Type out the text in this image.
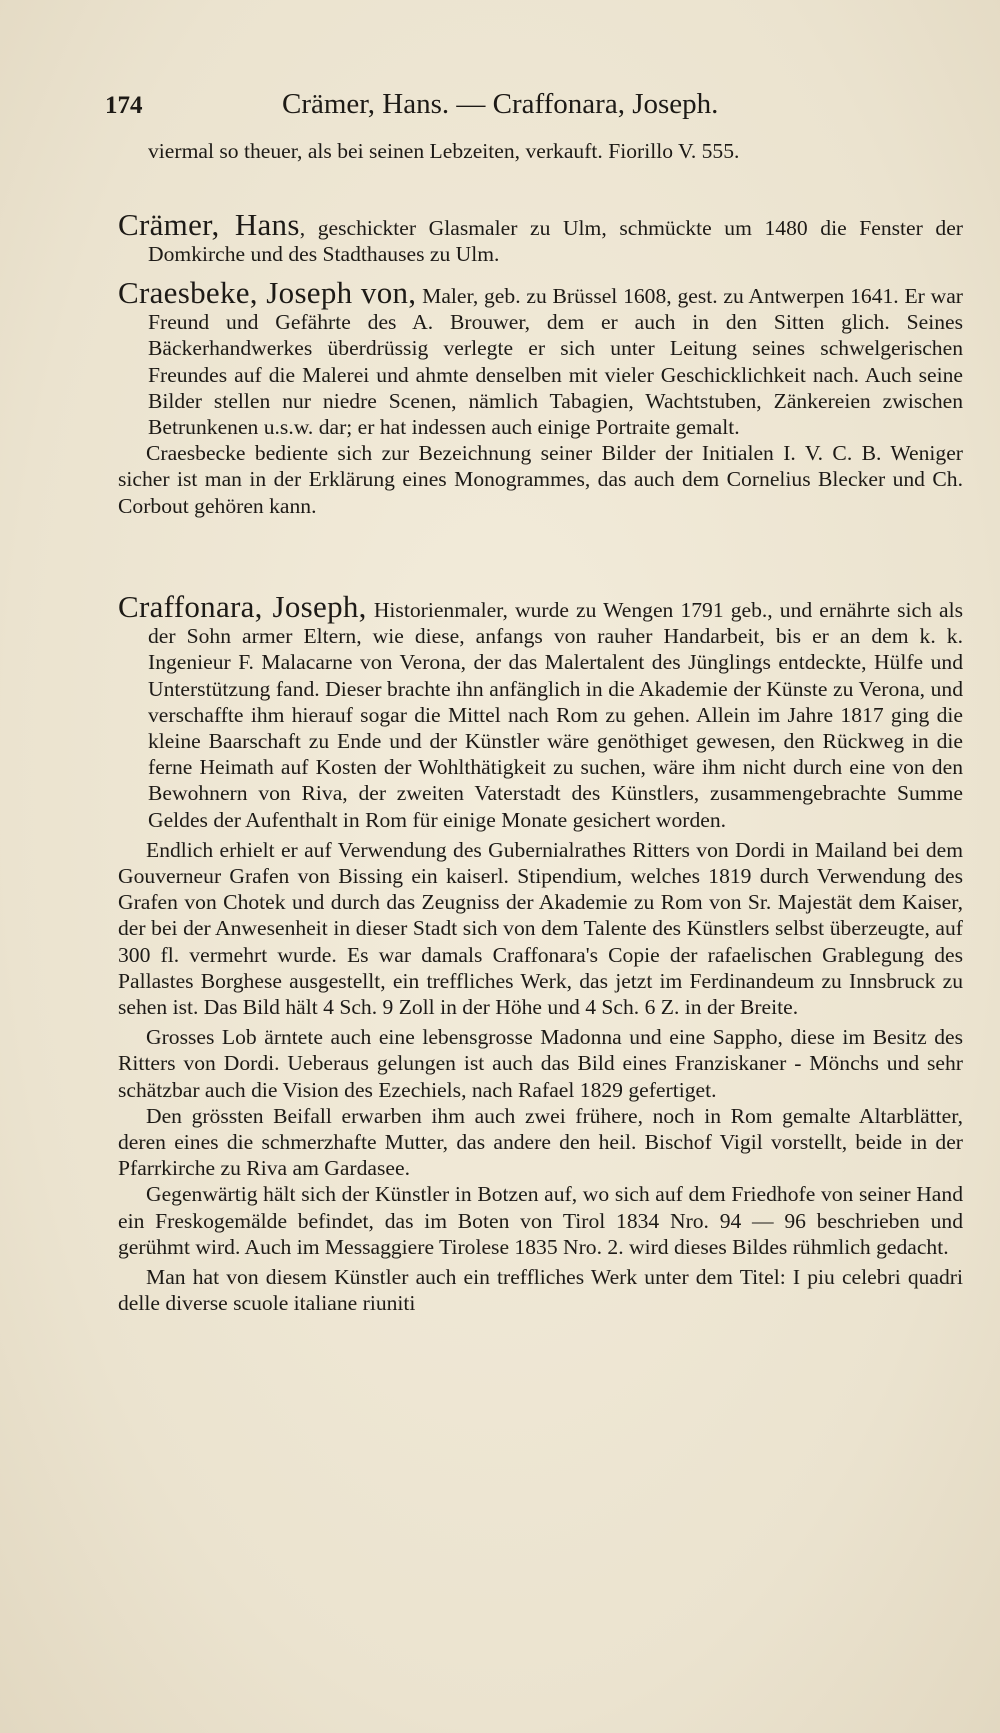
174	Crämer, Hans. — Craffonara, Joseph.

viermal so theuer, als bei seinen Lebzeiten, verkauft. Fiorillo V. 555.

Crämer, Hans, geschickter Glasmaler zu Ulm, schmückte um 1480 die Fenster der Domkirche und des Stadthauses zu Ulm.

Craesbeke, Joseph von, Maler, geb. zu Brüssel 1608, gest. zu Antwerpen 1641. Er war Freund und Gefährte des A. Brouwer, dem er auch in den Sitten glich. Seines Bäckerhandwerkes überdrüssig verlegte er sich unter Leitung seines schwelgerischen Freundes auf die Malerei und ahmte denselben mit vieler Geschicklichkeit nach. Auch seine Bilder stellen nur niedre Scenen, nämlich Tabagien, Wachtstuben, Zänkereien zwischen Betrunkenen u.s.w. dar; er hat indessen auch einige Portraite gemalt.

Craesbecke bediente sich zur Bezeichnung seiner Bilder der Initialen I. V. C. B. Weniger sicher ist man in der Erklärung eines Monogrammes, das auch dem Cornelius Blecker und Ch. Corbout gehören kann.

Craffonara, Joseph, Historienmaler, wurde zu Wengen 1791 geb., und ernährte sich als der Sohn armer Eltern, wie diese, anfangs von rauher Handarbeit, bis er an dem k. k. Ingenieur F. Malacarne von Verona, der das Malertalent des Jünglings entdeckte, Hülfe und Unterstützung fand. Dieser brachte ihn anfänglich in die Akademie der Künste zu Verona, und verschaffte ihm hierauf sogar die Mittel nach Rom zu gehen. Allein im Jahre 1817 ging die kleine Baarschaft zu Ende und der Künstler wäre genöthiget gewesen, den Rückweg in die ferne Heimath auf Kosten der Wohlthätigkeit zu suchen, wäre ihm nicht durch eine von den Bewohnern von Riva, der zweiten Vaterstadt des Künstlers, zusammengebrachte Summe Geldes der Aufenthalt in Rom für einige Monate gesichert worden.

Endlich erhielt er auf Verwendung des Gubernialrathes Ritters von Dordi in Mailand bei dem Gouverneur Grafen von Bissing ein kaiserl. Stipendium, welches 1819 durch Verwendung des Grafen von Chotek und durch das Zeugniss der Akademie zu Rom von Sr. Majestät dem Kaiser, der bei der Anwesenheit in dieser Stadt sich von dem Talente des Künstlers selbst überzeugte, auf 300 fl. vermehrt wurde. Es war damals Craffonara's Copie der rafaelischen Grablegung des Pallastes Borghese ausgestellt, ein treffliches Werk, das jetzt im Ferdinandeum zu Innsbruck zu sehen ist. Das Bild hält 4 Sch. 9 Zoll in der Höhe und 4 Sch. 6 Z. in der Breite.

Grosses Lob ärntete auch eine lebensgrosse Madonna und eine Sappho, diese im Besitz des Ritters von Dordi. Ueberaus gelungen ist auch das Bild eines Franziskaner - Mönchs und sehr schätzbar auch die Vision des Ezechiels, nach Rafael 1829 gefertiget.

Den grössten Beifall erwarben ihm auch zwei frühere, noch in Rom gemalte Altarblätter, deren eines die schmerzhafte Mutter, das andere den heil. Bischof Vigil vorstellt, beide in der Pfarrkirche zu Riva am Gardasee.

Gegenwärtig hält sich der Künstler in Botzen auf, wo sich auf dem Friedhofe von seiner Hand ein Freskogemälde befindet, das im Boten von Tirol 1834 Nro. 94 — 96 beschrieben und gerühmt wird. Auch im Messaggiere Tirolese 1835 Nro. 2. wird dieses Bildes rühmlich gedacht.

Man hat von diesem Künstler auch ein treffliches Werk unter dem Titel: I piu celebri quadri delle diverse scuole italiane riuniti
